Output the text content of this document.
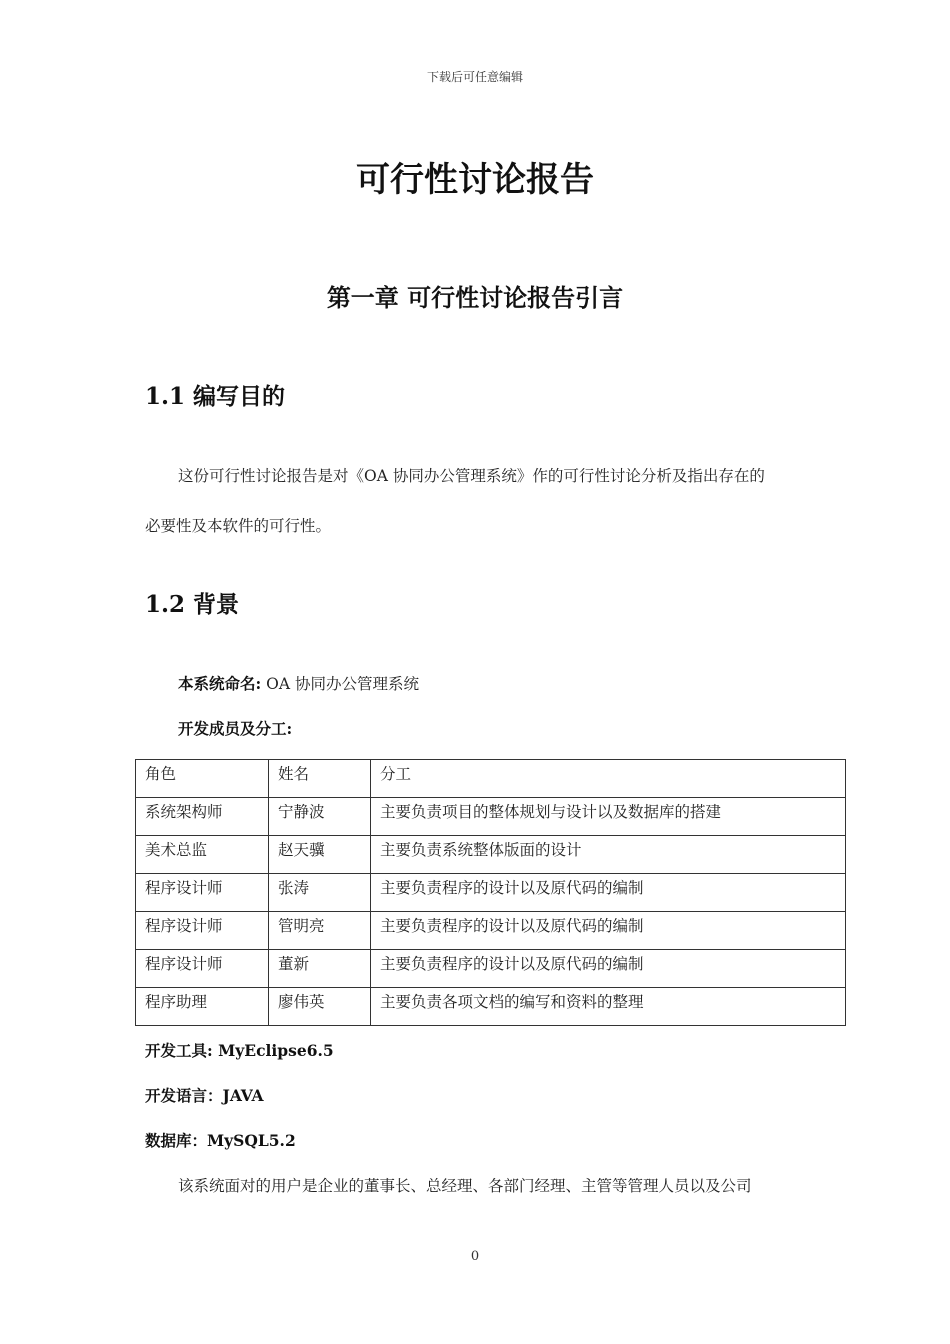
下载后可任意编辑
可行性讨论报告
第一章 可行性讨论报告引言
1.1 编写目的
这份可行性讨论报告是对《OA 协同办公管理系统》作的可行性讨论分析及指出存在的
必要性及本软件的可行性。
1.2 背景
本系统命名: OA 协同办公管理系统
开发成员及分工:
角色	姓名	分工
系统架构师	宁静波	主要负责项目的整体规划与设计以及数据库的搭建
美术总监	赵天骥	主要负责系统整体版面的设计
程序设计师	张涛	主要负责程序的设计以及原代码的编制
程序设计师	管明亮	主要负责程序的设计以及原代码的编制
程序设计师	董新	主要负责程序的设计以及原代码的编制
程序助理	廖伟英	主要负责各项文档的编写和资料的整理
开发工具: MyEclipse6.5
开发语言：JAVA
数据库：MySQL5.2
该系统面对的用户是企业的董事长、总经理、各部门经理、主管等管理人员以及公司
0
